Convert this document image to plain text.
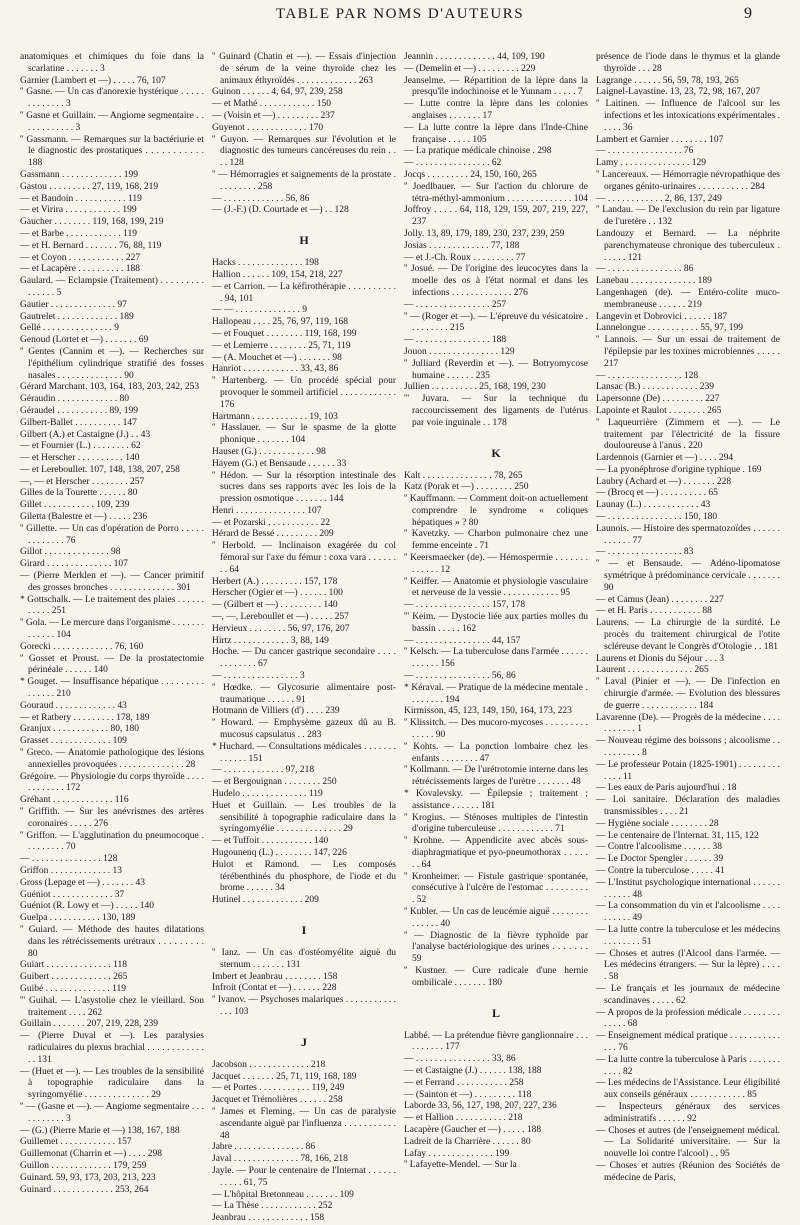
TABLE PAR NOMS D'AUTEURS	9
anatomiques et chimiques du foie dans la scarlatine . . . . . . . 3
Garnier (Lambert et —) . . . . . 76, 107
'' Gasne. — Un cas d'anorexie hystérique . . . . . . . . . . . . . 3
'' Gasne et Guillain. — Angiome segmentaire . . . . . . . . . . . . 3
'' Gassmann. — Remarques sur la bactériurie et le diagnostic des prostatiques . . . . . . . . . . . 188
Gassmann . . . . . . . . . . . . . 199
Gastou . . . . . . . . . 27, 119, 168, 219
— et Baudoin . . . . . . . . . . . 119
— et Virira . . . . . . . . . . . . 199
Gaucher . . . . . . . . 119, 168, 199, 219
— et Barbe . . . . . . . . . . . . 119
— et H. Bernard . . . . . . . 76, 88, 119
— et Coyon . . . . . . . . . . . . 227
— et Lacapère . . . . . . . . . . 188
Gaulard. — Eclampsie (Traitement) . . . . . . . . . . . . . . . 5
Gautier . . . . . . . . . . . . . . 97
Gautrelet . . . . . . . . . . . . . 189
Gellé . . . . . . . . . . . . . . . 9
Genoud (Lortet et —) . . . . . . . 69
'' Gentes (Cannim et —). — Recherches sur l'épithélium cylindrique stratifié des fosses nasales . . . . . . . . . . . . . . 90
Gérard Marchant. 103, 164, 183, 203, 242, 253
Géraudin . . . . . . . . . . . . . 80
Géraudel . . . . . . . . . . . 89, 199
Gilbert-Ballet . . . . . . . . . . 147
Gilbert (A.) et Castaigne (J.) . . 43
— et Fournier (L.) . . . . . . . . 62
— et Herscher . . . . . . . . . . 140
— et Lereboullet. 107, 148, 138, 207, 258
—, — et Herscher . . . . . . . . 257
Gilles de la Tourette . . . . . . 80
Gillet . . . . . . . . . . . 109, 239
Giletta (Balestre et —) . . . . . 236
'' Gillette. — Un cas d'opération de Porro . . . . . . . . . . . . . 76
Gillot . . . . . . . . . . . . . . 98
Girard . . . . . . . . . . . . . . 107
— (Pierre Merklen et —). — Cancer primitif des grosses bronches . . . . . . . . . . . . . . 301
* Gottschalk. — Le traitement des plaies . . . . . . . . . . . 251
'' Gola. — Le mercure dans l'organisme . . . . . . . . . . . . . 104
Gorecki . . . . . . . . . . . . . 76, 160
'' Gosset et Proust. — De la prostatectomie périnéale . . . . . . 140
* Gouget. — Insuffisance hépatique . . . . . . . . . . . . . . . 210
Gouraud . . . . . . . . . . . . . 43
— et Ratbery . . . . . . . . . 178, 189
Granjux . . . . . . . . . . . . 80, 180
Grasset . . . . . . . . . . . . . 109
'' Greco. — Anatomie pathologique des lésions annexielles provoquées . . . . . . . . . . . . . . 28
Grégoire. — Physiologie du corps thyroïde . . . . . . . . . . . . 172
Gréhant . . . . . . . . . . . . . 116
'' Griffith. — Sur les anévrismes des artères coronaires . . . . . 276
'' Griffon. — L'agglutination du pneumocoque . . . . . . . . . 70
— . . . . . . . . . . . . . . . 128
Griffon . . . . . . . . . . . . . 13
Gross (Lepage et —) . . . . . . . 43
Guéniot . . . . . . . . . . . . . 37
Guéniot (R. Lowy et —) . . . . . 140
Guelpa . . . . . . . . . . . 130, 189
'' Guiard. — Méthode des hautes dilatations dans les rétrécissements urétraux . . . . . . . . . 80
Guiart . . . . . . . . . . . . . . 118
Guibert . . . . . . . . . . . . . 265
Guibé . . . . . . . . . . . . . . 119
''' Guihal. — L'asystolie chez le vieillard. Son traitement . . . . 262
Guillain . . . . . . . 207, 219, 228, 239
— (Pierre Duval et —). Les paralysies radiculaires du plexus brachial . . . . . . . . . . . . . . 131
— (Huet et —). — Les troubles de la sensibilité à topographie radiculaire dans la syringomyélie . . . . . . . . . . . . . . 29
'' — (Gasne et —). — Angiome segmentaire . . . . . . . . . . . 3
— (G.) (Pierre Marie et —) 138, 167, 188
Guillemet . . . . . . . . . . . . 157
Guillemonat (Charrin et —) . . . . 298
Guillon . . . . . . . . . . . . . 179, 259
Guinard. 59, 93, 173, 203, 213, 223
Guinard . . . . . . . . . . . . . 253, 264
'' Guinard (Chatin et —). — Essais d'injection de sérum de la veine thyroïde chez les animaux éthyroïdés . . . . . . . . . . . . . 263
Guinon . . . . . . 4, 64, 97, 239, 258
— et Mathé . . . . . . . . . . . . 150
— (Voisin et —) . . . . . . . . . 237
Guyenot . . . . . . . . . . . . . 170
'' Guyon. — Remarques sur l'évolution et le diagnostic des tumeurs cancéreuses du rein . . . . 128
'' — Hémorragies et saignements de la prostate . . . . . . . . . 258
— . . . . . . . . . . . . . 56, 86
— (J.-F.) (D. Courtade et —) . . 128
H
Hacks . . . . . . . . . . . . . . 198
Hallion . . . . . . 109, 154, 218, 227
— et Carrion. — La kéfirothérapie . . . . . . . . . . . 94, 101
— — . . . . . . . . . . . . . . 9
Hallopeau . . . . 25, 76, 97, 119, 168
— et Fouquet . . . . . . . . 119, 168, 199
— et Lemierre . . . . . . . . 25, 71, 119
— (A. Mouchet et —) . . . . . . . 98
Hanriot . . . . . . . . . . . . 33, 43, 86
'' Hartenberg. — Un procédé spécial pour provoquer le sommeil artificiel . . . . . . . . . . . . 176
Hartmann . . . . . . . . . . . . 19, 103
'' Hasslauer. — Sur le spasme de la glotte phonique . . . . . . . 104
Hauser (G.) . . . . . . . . . . . . 98
Hayem (G.) et Bensaude . . . . . . 33
'' Hédon. — Sur la résorption intestinale des sucres dans ses rapports avec les lois de la pression osmotique . . . . . . . 144
Henri . . . . . . . . . . . . . . . 107
— et Pozarski . . . . . . . . . . . 22
Hérard de Bessé . . . . . . . . . 209
'' Herbold. — Inclinaison exagérée du col fémoral sur l'axe du fémur : coxa vara . . . . . . . . 64
Herbert (A.) . . . . . . . . . 157, 178
Herscher (Ogier et —) . . . . . . 100
— (Gilbert et —) . . . . . . . . . 140
—, —, Lereboullet et —) . . . . . 257
Hervieux . . . . . . . . 56, 97, 176, 207
Hirtz . . . . . . . . . . . . 3, 88, 149
Hoche. — Du cancer gastrique secondaire . . . . . . . . . . . . 67
— . . . . . . . . . . . . . . . . 3
'' Hœdke. — Glycosurie alimentaire post-traumatique . . . . . . 91
Hotmann de Villiers (d') . . . . 239
'' Howard. — Emphysème gazeux dû au B. mucosus capsulatus . . 283
* Huchard. — Consultations médicales . . . . . . . . . . . . . 151
— . . . . . . . . . . . . . 97, 218
— et Bergouignan . . . . . . . . 250
Hudelo . . . . . . . . . . . . . . 119
Huet et Guillain. — Les troubles de la sensibilité à topographie radiculaire dans la syringomyélie . . . . . . . . . . . . . . 29
— et Tuffoit . . . . . . . . . . . 140
Hugounenq (L.) . . . . . . . . 147, 226
Hulot et Ramond. — Les composés térébenthinés du phosphore, de l'iode et du brome . . . . . . 34
Hutinel . . . . . . . . . . . . . 209
I
'' Ianz. — Un cas d'ostéomyélite aiguë du sternum . . . . . . . 131
Imbert et Jeanbrau . . . . . . . . 158
Infroit (Contat et —) . . . . . . 228
'' Ivanov. — Psychoses malariques . . . . . . . . . . . . . . 103
J
Jacobson . . . . . . . . . . . . . 218
Jacquet . . . . . . . 25, 71, 119, 168, 189
— et Portes . . . . . . . . . . . 119, 249
Jacquet et Trémolières . . . . . . 258
'' James et Fleming. — Un cas de paralysie ascendante aiguë par l'influenza . . . . . . . . . . . 48
Jabre . . . . . . . . . . . . . . . 86
Javal . . . . . . . . . . . . . . 78, 166, 218
Jayle. — Pour le centenaire de l'Internat . . . . . . . . . . . 61, 75
— L'hôpital Bretonneau . . . . . . . 109
— La Thèse . . . . . . . . . . . . 252
Jeanbrau . . . . . . . . . . . . . 158
Jeannin . . . . . . . . . . . . . 44, 109, 190
— (Demelin et —) . . . . . . . . . 229
Jeanselme. — Répartition de la lèpre dans la presqu'île indochinoise et le Yunnam . . . . . 7
— Lutte contre la lèpre dans les colonies anglaises . . . . . . . 17
— La lutte contre la lèpre dans l'Inde-Chine française . . . . . 105
— La pratique médicale chinoise . 298
— . . . . . . . . . . . . . . . . 62
Jocqs . . . . . . . . . 24, 150, 160, 265
'' Joedlbauer. — Sur l'action du chlorure de tétra-méthyl-ammonium . . . . . . . . . . . . . . 104
Joffroy . . . . . 64, 118, 129, 159, 207, 219, 227, 237
Jolly. 13, 89, 179, 189, 230, 237, 239, 259
Josias . . . . . . . . . . . . . 77, 188
— et J.-Ch. Roux . . . . . . . . . 77
'' Josué. — De l'origine des leucocytes dans la moelle des os à l'état normal et dans les infections . . . . . . . . . . . . . 276
— . . . . . . . . . . . . . . . . 257
'' — (Roger et —). — L'épreuve du vésicatoire . . . . . . . . . 215
— . . . . . . . . . . . . . . . . 188
Jouon . . . . . . . . . . . . . . . 129
'' Julliard (Reverdin et —). — Botryomycose humaine . . . . . . 235
Jullien . . . . . . . . . . 25, 168, 199, 230
''' Juvara. — Sur la technique du raccourcissement des ligaments de l'utérus par voie inguinale . . 178
K
Kalt . . . . . . . . . . . . . . . 78, 265
Katz (Porak et —) . . . . . . . . 250
'' Kauffmann. — Comment doit-on actuellement comprendre le syndrome « coliques hépatiques » ? 80
'' Kavetzky. — Charbon pulmonaire chez une femme enceinte . 71
'' Keersmaecker (de). — Hémospermie . . . . . . . . . . . . . 12
'' Keiffer. — Anatomie et physiologie vasculaire et nerveuse de la vessie . . . . . . . . . . . . 95
— . . . . . . . . . . . . . . . . 157, 178
''' Keim. — Dystocie liée aux parties molles du bassin . . . . . 162
— . . . . . . . . . . . . . . . . 44, 157
'' Kelsch. — La tuberculose dans l'armée . . . . . . . . . . . . 156
— . . . . . . . . . . . . . . . . 56, 86
* Kéraval. — Pratique de la médecine mentale . . . . . . . . 194
Kirmisson, 45, 123, 149, 150, 164, 173, 223
'' Klissitch. — Des mucoro-mycoses . . . . . . . . . . . . . . 90
'' Kohts. — La ponction lombaire chez les enfants . . . . . . . . 47
'' Kollmann. — De l'urétrotomie interne dans les rétrécissements larges de l'urètre . . . . . . . 48
* Kovalevsky. — Épilepsie ; traitement ; assistance . . . . . . 181
'' Krogius. — Sténoses multiples de l'intestin d'origine tuberculeuse . . . . . . . . . . . . 71
'' Krohne. — Appendicite avec abcès sous-diaphragmatique et pyo-pneumothorax . . . . . . . 64
'' Kronheimer. — Fistule gastrique spontanée, consécutive à l'ulcère de l'estomac . . . . . . . . . . 52
'' Kubler. — Un cas de leucémie aiguë . . . . . . . . . . . . . . 40
'' — Diagnostic de la fièvre typhoïde par l'analyse bactériologique des urines . . . . . . . 59
'' Kustner. — Cure radicale d'une hernie ombilicale . . . . . . . 180
L
Labbé. — La prétendue fièvre ganglionnaire . . . . . . . . . . 177
— . . . . . . . . . . . . . . . . 33, 86
— et Castaigne (J.) . . . . . . 138, 188
— et Ferrand . . . . . . . . . . . 258
— (Sainton et —) . . . . . . . . . 118
Laborde 33, 56, 127, 198, 207, 227, 236
— et Hallion . . . . . . . . . . . 218
Lacapère (Gaucher et —) . . . . . 188
Ladreit de la Charrière . . . . . . 80
Lafay . . . . . . . . . . . . . . 199
'' Lafayette-Mendel. — Sur la
présence de l'iode dans le thymus et la glande thyroïde . . . 28
Lagrange . . . . . . 56, 59, 78, 193, 265
Laignel-Lavastine. 13, 23, 72, 98, 167, 207
'' Laitinen. — Influence de l'alcool sur les infections et les intoxications expérimentales . . . . . 36
Lambert et Garnier . . . . . . . . 107
— . . . . . . . . . . . . . . . . 76
Lamy . . . . . . . . . . . . . . . 129
'' Lancereaux. — Hémorragie névropathique des organes génito-urinaires . . . . . . . . . . . 284
— . . . . . . . . . . . . 2, 86, 137, 249
'' Landau. — De l'exclusion du rein par ligature de l'uretère . . 132
Landouzy et Bernard. — La néphrite parenchymateuse chronique des tuberculeux . . . . . . 121
— . . . . . . . . . . . . . . . . 86
Lanebau . . . . . . . . . . . . . . 189
Langenhagen (de). — Entéro-colite muco-membraneuse . . . . . . 219
Langevin et Dobrovici . . . . . . 187
Lannelongue . . . . . . . . . . . 55, 97, 199
'' Lannois. — Sur un essai de traitement de l'épilepsie par les toxines microbiennes . . . . . 217
— . . . . . . . . . . . . . . . . 128
Lansac (B.) . . . . . . . . . . . . 239
Lapersonne (De) . . . . . . . . . 227
Lapointe et Raulot . . . . . . . . 265
'' Laqueurrière (Zimmern et —). — Le traitement par l'électricité de la fissure douloureuse à l'anus . 220
Lardennois (Garnier et —) . . . . 294
— La pyonéphrose d'origine typhique . 169
Laubry (Achard et —) . . . . . . . 228
— (Brocq et —) . . . . . . . . . . 65
Launay (L.) . . . . . . . . . . . . 43
— . . . . . . . . . . . . . . . . 150, 180
Launois. — Histoire des spermatozoïdes . . . . . . . . . . . . 77
— . . . . . . . . . . . . . . . . 83
'' — et Bensaude. — Adéno-lipomatose symétrique à prédominance cervicale . . . . . . . 90
— et Camus (Jean) . . . . . . . . 227
— et H. Paris . . . . . . . . . . . 88
Laurens. — La chirurgie de la surdité. Le procès du traitement chirurgical de l'otite scléreuse devant le Congrès d'Otologie . . 181
Laurens et Dionis du Séjour . . . 3
Laurent . . . . . . . . . . . . . . 265
'' Laval (Pinier et —). — De l'infection en chirurgie d'armée. — Evolution des blessures de guerre . . . . . . . . . . . . 184
Lavarenne (De). — Progrès de la médecine . . . . . . . . . . . 1
— Nouveau régime des boissons ; alcoolisme . . . . . . . . . . 8
— Le professeur Potain (1825-1901) . . . . . . . . . . . . . 11
— Les eaux de Paris aujourd'hui . 18
— Loi sanitaire. Déclaration des maladies transmissibles . . . . 21
— Hygiène sociale . . . . . . . . 28
— Le centenaire de l'Internat. 31, 115, 122
— Contre l'alcoolisme . . . . . . 38
— Le Doctor Spengler . . . . . . 39
— Contre la tuberculose . . . . . 41
— L'Institut psychologique international . . . . . . . . . . . . 48
— La consommation du vin et l'alcoolisme . . . . . . . . . . 49
— La lutte contre la tuberculose et les médecins . . . . . . . . 51
— Choses et autres (l'Alcool dans l'armée. — Les médecins étrangers. — Sur la lèpre) . . . . . 58
— Le français et les journaux de médecine scandinaves . . . . . 62
— A propos de la profession médicale . . . . . . . . . . . . . 68
— Enseignement médical pratique . . . . . . . . . . . . . . 76
— La lutte contre la tuberculose à Paris . . . . . . . . . . . 82
— Les médecins de l'Assistance. Leur éligibilité aux conseils généraux . . . . . . . . . . . . 85
— Inspecteurs généraux des services administratifs . . . . . . 92
— Choses et autres (de l'enseignement médical. — La Solidarité universitaire. — Sur la nouvelle loi contre l'alcool) . . 95
— Choses et autres (Réunion des Sociétés de médecine de Paris,
